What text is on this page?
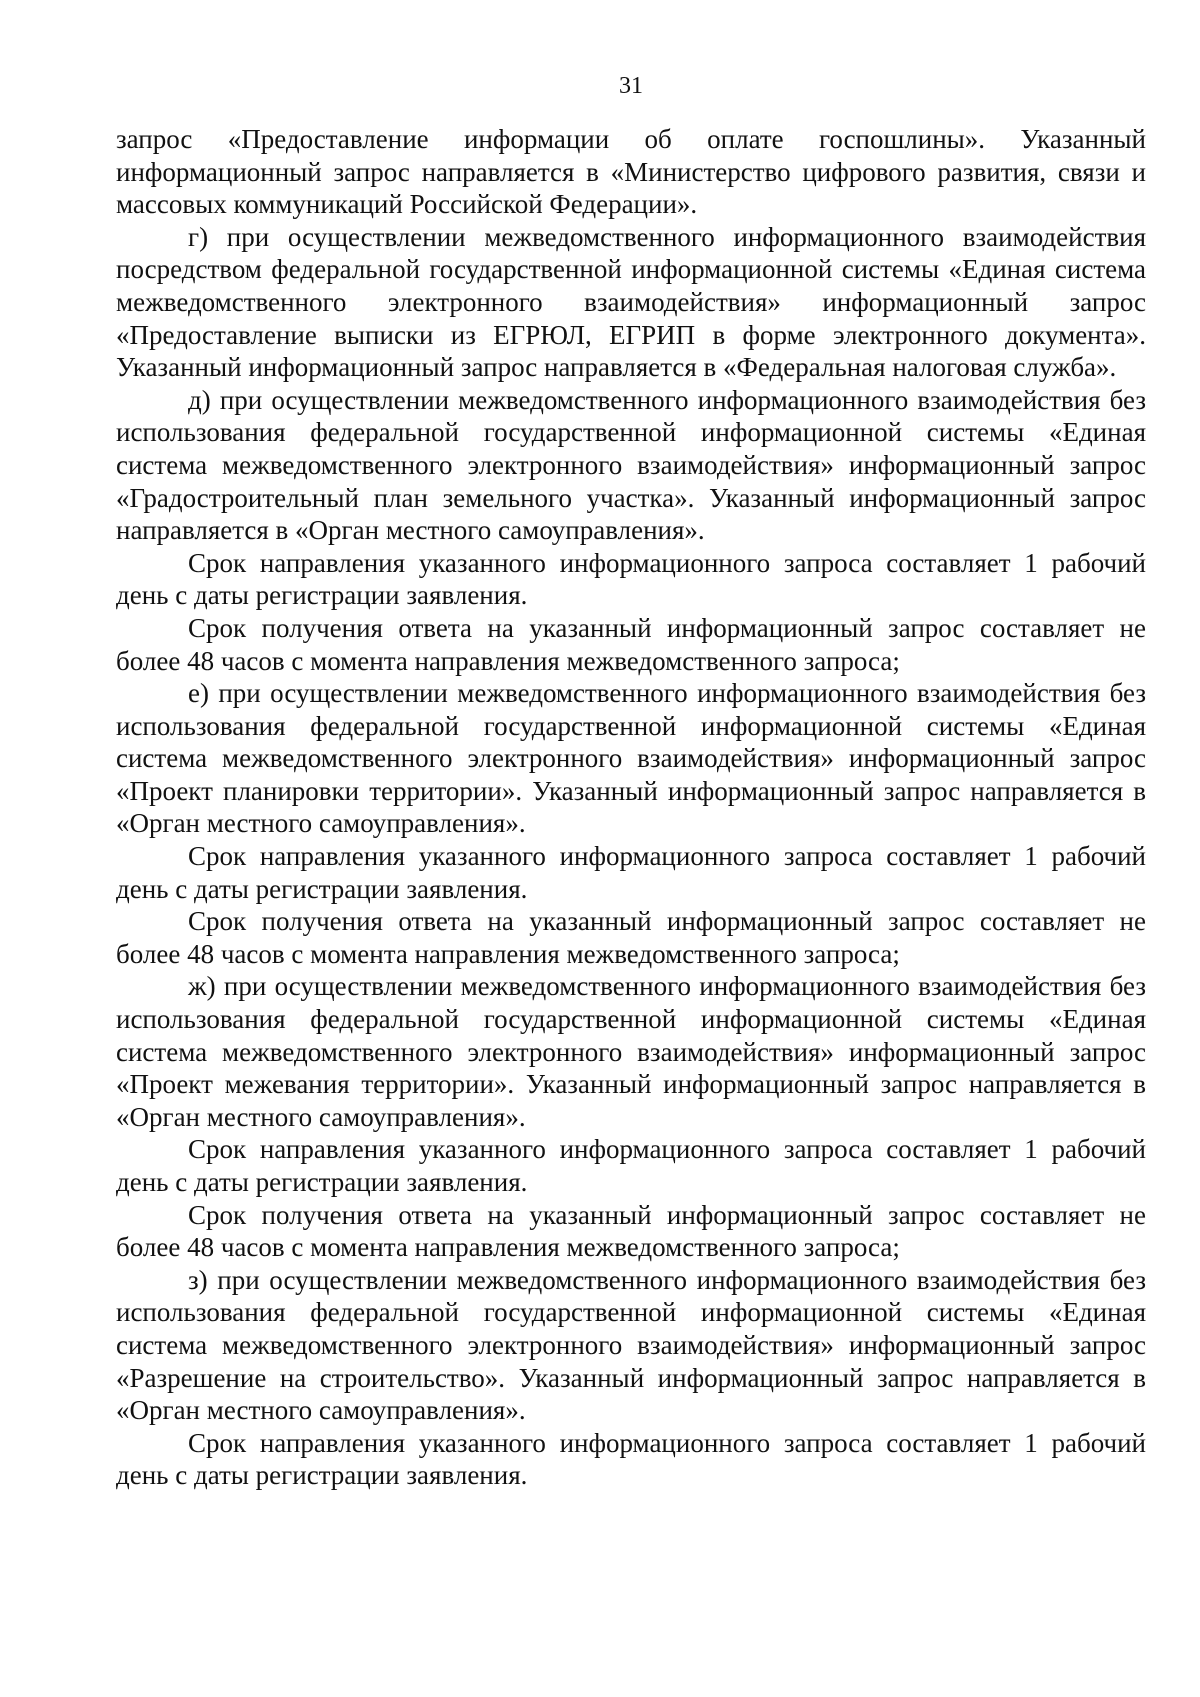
31

запрос «Предоставление информации об оплате госпошлины». Указанный информационный запрос направляется в «Министерство цифрового развития, связи и массовых коммуникаций Российской Федерации».

г) при осуществлении межведомственного информационного взаимодействия посредством федеральной государственной информационной системы «Единая система межведомственного электронного взаимодействия» информационный запрос «Предоставление выписки из ЕГРЮЛ, ЕГРИП в форме электронного документа». Указанный информационный запрос направляется в «Федеральная налоговая служба».

д) при осуществлении межведомственного информационного взаимодействия без использования федеральной государственной информационной системы «Единая система межведомственного электронного взаимодействия» информационный запрос «Градостроительный план земельного участка». Указанный информационный запрос направляется в «Орган местного самоуправления».

Срок направления указанного информационного запроса составляет 1 рабочий день с даты регистрации заявления.

Срок получения ответа на указанный информационный запрос составляет не более 48 часов с момента направления межведомственного запроса;

е) при осуществлении межведомственного информационного взаимодействия без использования федеральной государственной информационной системы «Единая система межведомственного электронного взаимодействия» информационный запрос «Проект планировки территории». Указанный информационный запрос направляется в «Орган местного самоуправления».

Срок направления указанного информационного запроса составляет 1 рабочий день с даты регистрации заявления.

Срок получения ответа на указанный информационный запрос составляет не более 48 часов с момента направления межведомственного запроса;

ж) при осуществлении межведомственного информационного взаимодействия без использования федеральной государственной информационной системы «Единая система межведомственного электронного взаимодействия» информационный запрос «Проект межевания территории». Указанный информационный запрос направляется в «Орган местного самоуправления».

Срок направления указанного информационного запроса составляет 1 рабочий день с даты регистрации заявления.

Срок получения ответа на указанный информационный запрос составляет не более 48 часов с момента направления межведомственного запроса;

з) при осуществлении межведомственного информационного взаимодействия без использования федеральной государственной информационной системы «Единая система межведомственного электронного взаимодействия» информационный запрос «Разрешение на строительство». Указанный информационный запрос направляется в «Орган местного самоуправления».

Срок направления указанного информационного запроса составляет 1 рабочий день с даты регистрации заявления.
